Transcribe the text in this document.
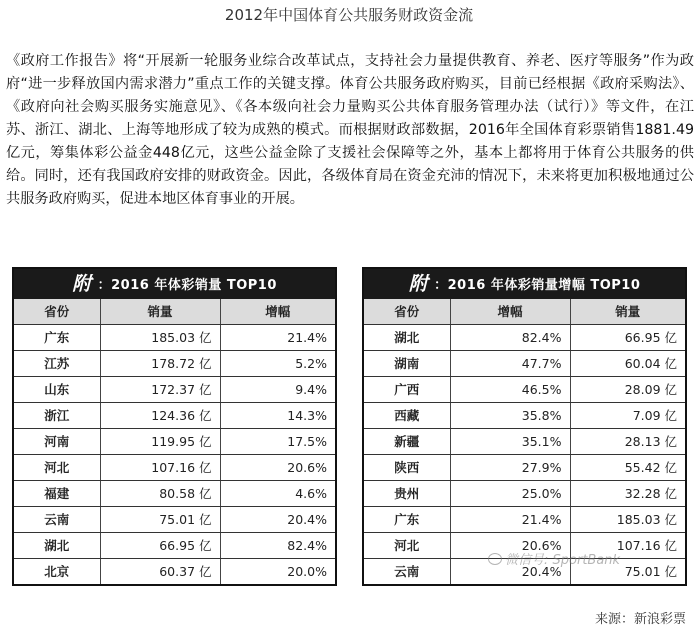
2012年中国体育公共服务财政资金流
《政府工作报告》将“开展新一轮服务业综合改革试点，支持社会力量提供教育、养老、医疗等服务”作为政府“进一步释放国内需求潜力”重点工作的关键支撑。体育公共服务政府购买，目前已经根据《政府采购法》、《政府向社会购买服务实施意见》、《各本级向社会力量购买公共体育服务管理办法（试行）》等文件，在江苏、浙江、湖北、上海等地形成了较为成熟的模式。而根据财政部数据，2016年全国体育彩票销售1881.49亿元，筹集体彩公益金448亿元，这些公益金除了支援社会保障等之外，基本上都将用于体育公共服务的供给。同时，还有我国政府安排的财政资金。因此，各级体育局在资金充沛的情况下，未来将更加积极地通过公共服务政府购买，促进本地区体育事业的开展。
附 ：2016 年体彩销量 TOP10
省份	销量	增幅
广东	185.03 亿	21.4%
江苏	178.72 亿	5.2%
山东	172.37 亿	9.4%
浙江	124.36 亿	14.3%
河南	119.95 亿	17.5%
河北	107.16 亿	20.6%
福建	80.58 亿	4.6%
云南	75.01 亿	20.4%
湖北	66.95 亿	82.4%
北京	60.37 亿	20.0%
附 ：2016 年体彩销量增幅 TOP10
省份	增幅	销量
湖北	82.4%	66.95 亿
湖南	47.7%	60.04 亿
广西	46.5%	28.09 亿
西藏	35.8%	7.09 亿
新疆	35.1%	28.13 亿
陕西	27.9%	55.42 亿
贵州	25.0%	32.28 亿
广东	21.4%	185.03 亿
河北	20.6%	107.16 亿
云南	20.4%	75.01 亿
微信号: SportBank
来源：新浪彩票
